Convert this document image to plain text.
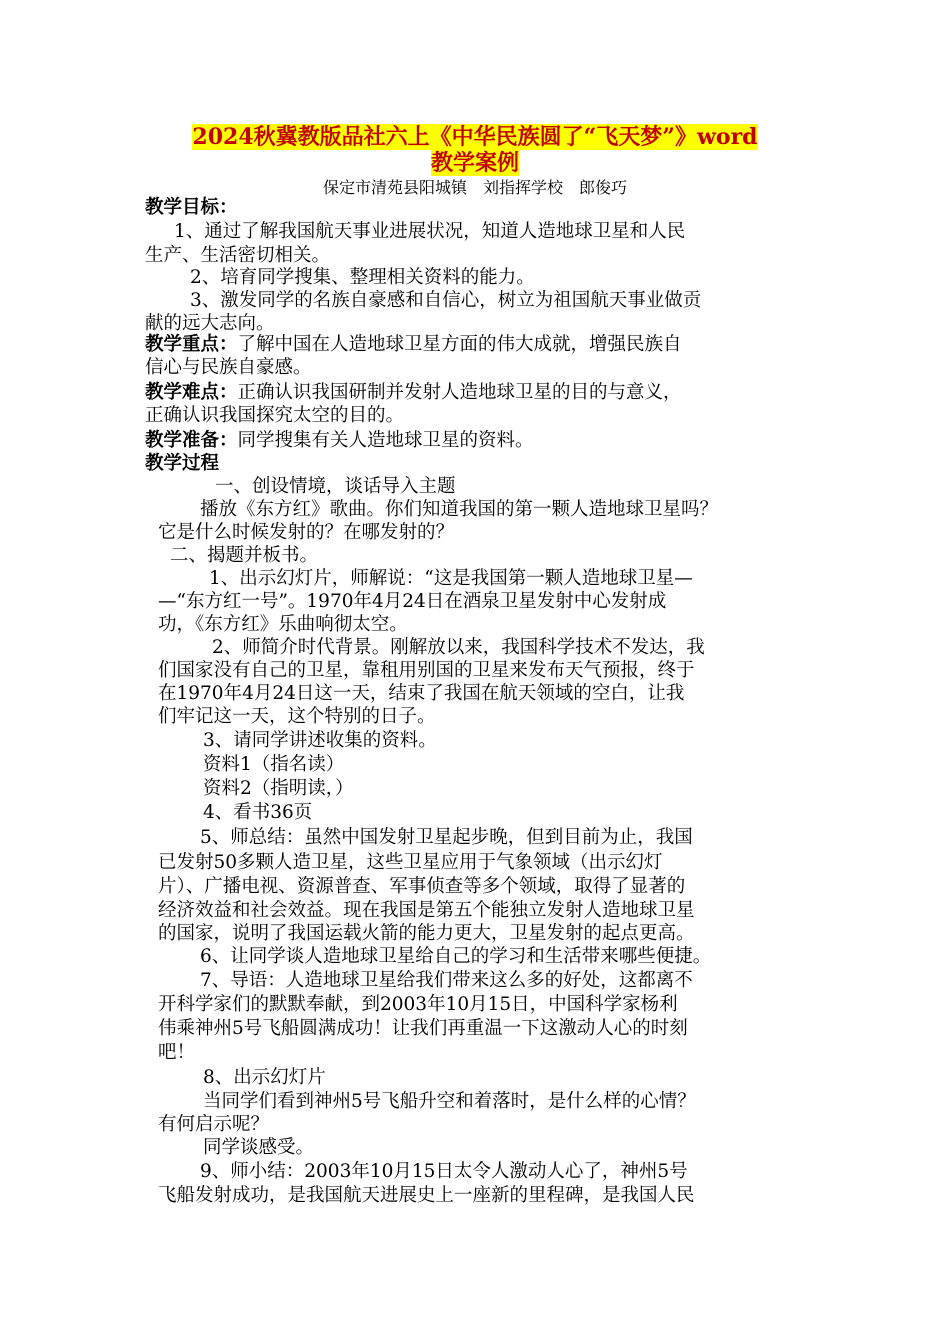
2024秋冀教版品社六上《中华民族圆了“飞天梦”》word
教学案例
保定市清苑县阳城镇　刘指挥学校　郎俊巧
教学目标：
1、通过了解我国航天事业进展状况，知道人造地球卫星和人民
生产、生活密切相关。
2、培育同学搜集、整理相关资料的能力。
3、激发同学的名族自豪感和自信心，树立为祖国航天事业做贡
献的远大志向。
教学重点：了解中国在人造地球卫星方面的伟大成就，增强民族自
信心与民族自豪感。
教学难点：正确认识我国研制并发射人造地球卫星的目的与意义，
正确认识我国探究太空的目的。
教学准备：同学搜集有关人造地球卫星的资料。
教学过程
一、创设情境，谈话导入主题
播放《东方红》歌曲。你们知道我国的第一颗人造地球卫星吗？
它是什么时候发射的？在哪发射的？
二、揭题并板书。
1、出示幻灯片，师解说：“这是我国第一颗人造地球卫星—
—“东方红一号”。1970年4月24日在酒泉卫星发射中心发射成
功，《东方红》乐曲响彻太空。
2、师简介时代背景。刚解放以来，我国科学技术不发达，我
们国家没有自己的卫星，靠租用别国的卫星来发布天气预报，终于
在1970年4月24日这一天，结束了我国在航天领域的空白，让我
们牢记这一天，这个特别的日子。
3、请同学讲述收集的资料。
资料1（指名读）
资料2（指明读，）
4、看书36页
5、师总结：虽然中国发射卫星起步晚，但到目前为止，我国
已发射50多颗人造卫星，这些卫星应用于气象领域（出示幻灯
片）、广播电视、资源普查、军事侦查等多个领域，取得了显著的
经济效益和社会效益。现在我国是第五个能独立发射人造地球卫星
的国家，说明了我国运载火箭的能力更大，卫星发射的起点更高。
6、让同学谈人造地球卫星给自己的学习和生活带来哪些便捷。
7、导语：人造地球卫星给我们带来这么多的好处，这都离不
开科学家们的默默奉献，到2003年10月15日，中国科学家杨利
伟乘神州5号飞船圆满成功！让我们再重温一下这激动人心的时刻
吧！
8、出示幻灯片
当同学们看到神州5号飞船升空和着落时，是什么样的心情？
有何启示呢？
同学谈感受。
9、师小结：2003年10月15日太令人激动人心了，神州5号
飞船发射成功，是我国航天进展史上一座新的里程碑，是我国人民
